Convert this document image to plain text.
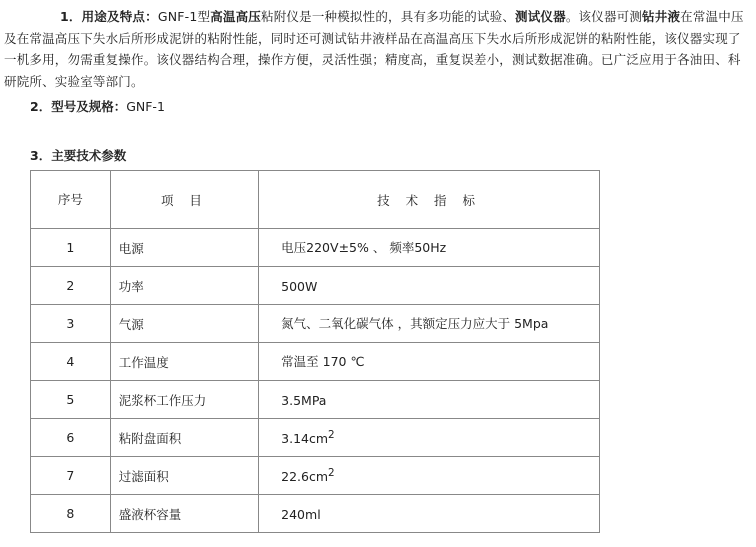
1．用途及特点：GNF-1型高温高压粘附仪是一种模拟性的，具有多功能的试验、测试仪器。该仪器可测钻井液在常温中压及在常温高压下失水后所形成泥饼的粘附性能，同时还可测试钻井液样品在高温高压下失水后所形成泥饼的粘附性能，该仪器实现了一机多用，勿需重复操作。该仪器结构合理，操作方便，灵活性强；精度高，重复误差小，测试数据准确。已广泛应用于各油田、科研院所、实验室等部门。
2．型号及规格：GNF-1
3．主要技术参数
序号	项 目	技 术 指 标
1	电源	电压220V±5% 、 频率50Hz
2	功率	500W
3	气源	氮气、二氧化碳气体 ，其额定压力应大于 5Mpa
4	工作温度	常温至 170 ℃
5	泥浆杯工作压力	3.5MPa
6	粘附盘面积	$3.14cm^2$
7	过滤面积	$22.6cm^2$
8	盛液杯容量	240ml
